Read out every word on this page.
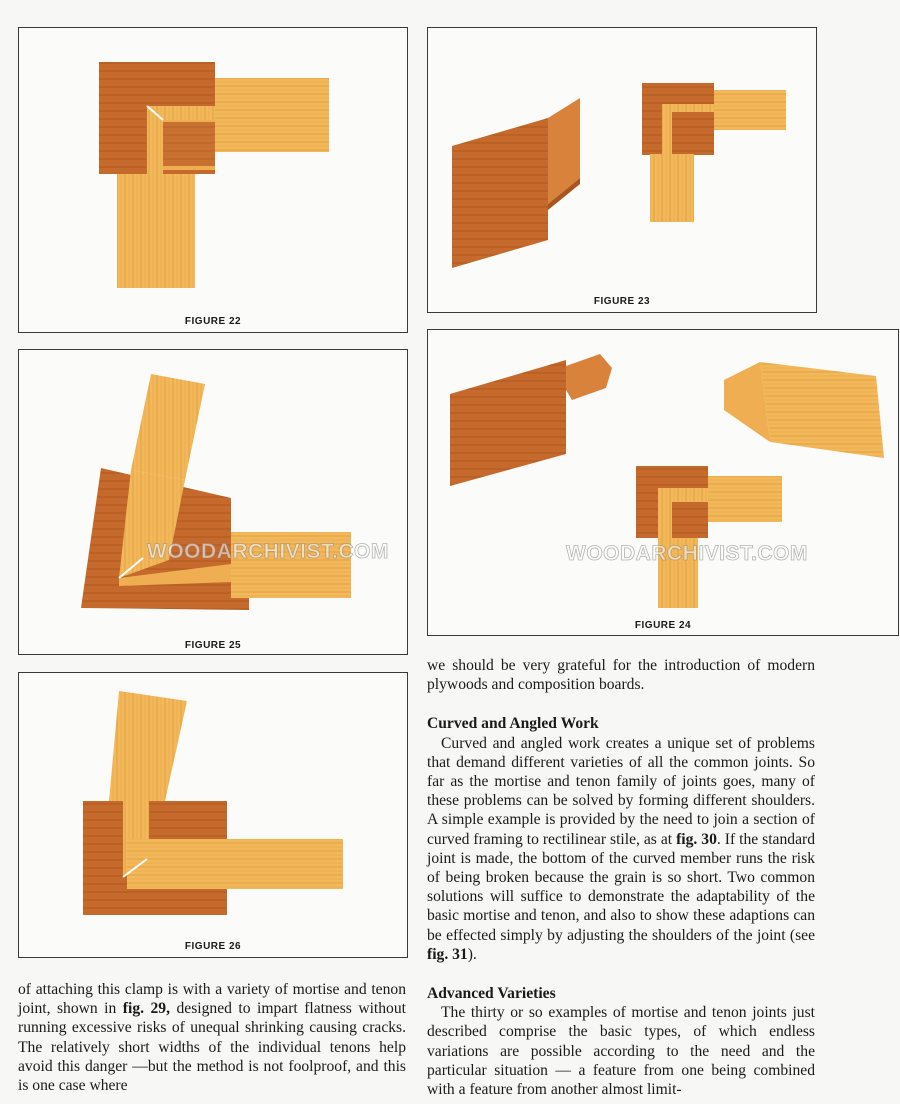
FIGURE 22
FIGURE 23
WOODARCHIVIST.COM
FIGURE 25
WOODARCHIVIST.COM
FIGURE 24
FIGURE 26

we should be very grateful for the introduction of modern plywoods and composition boards.

Curved and Angled Work

Curved and angled work creates a unique set of problems that demand different varieties of all the common joints. So far as the mortise and tenon family of joints goes, many of these problems can be solved by forming different shoulders. A simple example is provided by the need to join a section of curved framing to rectilinear stile, as at fig. 30. If the standard joint is made, the bottom of the curved member runs the risk of being broken because the grain is so short. Two common solutions will suffice to demonstrate the adaptability of the basic mortise and tenon, and also to show these adaptions can be effected simply by adjusting the shoulders of the joint (see fig. 31).

Advanced Varieties

The thirty or so examples of mortise and tenon joints just described comprise the basic types, of which endless variations are possible according to the need and the particular situation — a feature from one being combined with a feature from another almost limit-

of attaching this clamp is with a variety of mortise and tenon joint, shown in fig. 29, designed to impart flatness without running excessive risks of unequal shrinking causing cracks. The relatively short widths of the individual tenons help avoid this danger —but the method is not foolproof, and this is one case where
